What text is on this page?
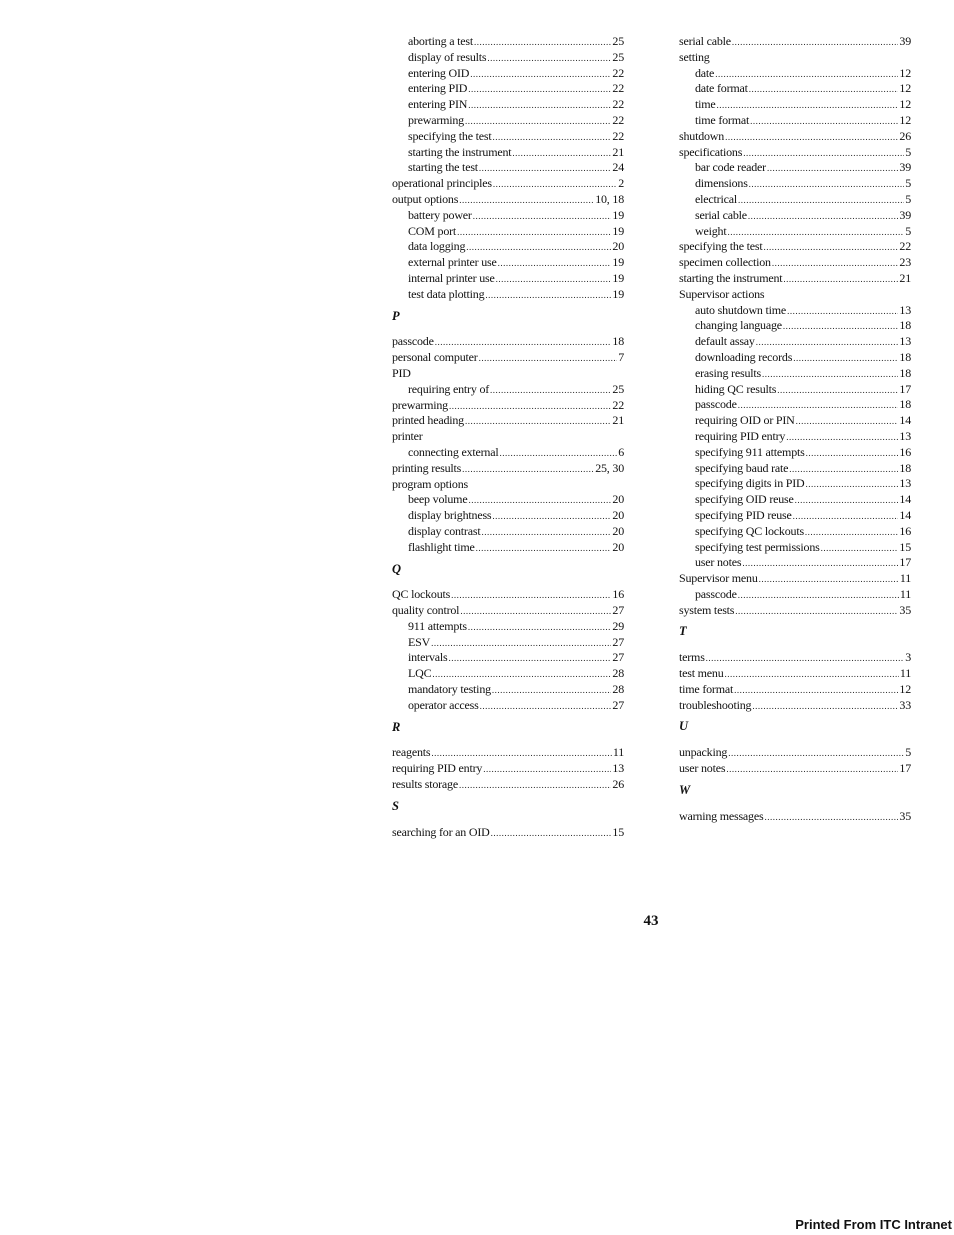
aborting a test .....	25
display of results .....	25
entering OID .....	22
entering PID .....	22
entering PIN .....	22
prewarming .....	22
specifying the test .....	22
starting the instrument .....	21
starting the test .....	24
operational principles .....	2
output options .....	10, 18
battery power .....	19
COM port .....	19
data logging .....	20
external printer use .....	19
internal printer use .....	19
test data plotting .....	19
P
passcode .....	18
personal computer .....	7
PID
requiring entry of .....	25
prewarming .....	22
printed heading .....	21
printer
connecting external .....	6
printing results .....	25, 30
program options
beep volume .....	20
display brightness .....	20
display contrast .....	20
flashlight time .....	20
Q
QC lockouts .....	16
quality control .....	27
911 attempts .....	29
ESV .....	27
intervals .....	27
LQC .....	28
mandatory testing .....	28
operator access .....	27
R
reagents .....	11
requiring PID entry .....	13
results storage .....	26
S
searching for an OID .....	15
serial cable .....	39
setting
date .....	12
date format .....	12
time .....	12
time format .....	12
shutdown .....	26
specifications .....	5
bar code reader .....	39
dimensions .....	5
electrical .....	5
serial cable .....	39
weight .....	5
specifying the test .....	22
specimen collection .....	23
starting the instrument .....	21
Supervisor actions
auto shutdown time .....	13
changing language .....	18
default assay .....	13
downloading records .....	18
erasing results .....	18
hiding QC results .....	17
passcode .....	18
requiring OID or PIN .....	14
requiring PID entry .....	13
specifying 911 attempts .....	16
specifying baud rate .....	18
specifying digits in PID .....	13
specifying OID reuse .....	14
specifying PID reuse .....	14
specifying QC lockouts .....	16
specifying test permissions .....	15
user notes .....	17
Supervisor menu .....	11
passcode .....	11
system tests .....	35
T
terms .....	3
test menu .....	11
time format .....	12
troubleshooting .....	33
U
unpacking .....	5
user notes .....	17
W
warning messages .....	35
43
Printed From ITC Intranet
